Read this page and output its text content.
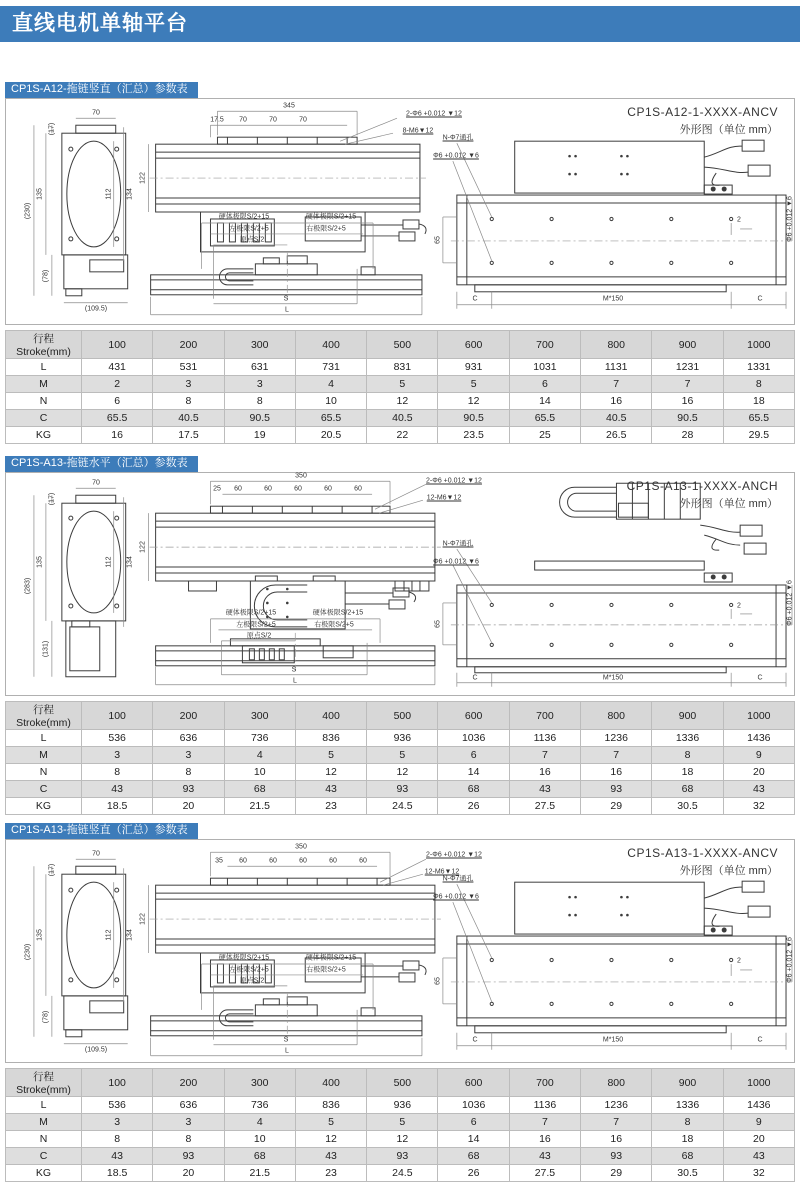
直线电机单轴平台
CP1S-A12-拖链竖直（汇总）参数表
CP1S-A12-1-XXXX-ANCV
外形图（单位 mm）
70
(17)
135
(230)
112 134
(78)
(109.5)
345
17.5 70	70	70
2-Φ6 +0.012 ▼12
8-M6▼12
122
硬体极限S/2+15	硬体极限S/2+15
左极限S/2+5	右极限S/2+5
原点S/2
S
L
N-Φ7通孔
Φ6 +0.012 ▼6
65
2
C	M*150	C
Φ6 +0.012 ▼6
行程Stroke(mm)	100	200	300	400	500	600	700	800	900	1000
L	431	531	631	731	831	931	1031	1131	1231	1331
M	2	3	3	4	5	5	6	7	7	8
N	6	8	8	10	12	12	14	16	16	18
C	65.5	40.5	90.5	65.5	40.5	90.5	65.5	40.5	90.5	65.5
KG	16	17.5	19	20.5	22	23.5	25	26.5	28	29.5
CP1S-A13-拖链水平（汇总）参数表
CP1S-A13-1-XXXX-ANCH
外形图（单位 mm）
70
(17)
135
(283)
112 134
(131)
350
25 60	60	60	60	60
2-Φ6 +0.012 ▼12
12-M6▼12
122
硬体极限S/2+15	硬体极限S/2+15
左极限S/2+5	右极限S/2+5
原点S/2
S
L
N-Φ7通孔
Φ6 +0.012 ▼6
65
2
C	M*150	C
Φ6 +0.012 ▼6
行程Stroke(mm)	100	200	300	400	500	600	700	800	900	1000
L	536	636	736	836	936	1036	1136	1236	1336	1436
M	3	3	4	5	5	6	7	7	8	9
N	8	8	10	12	12	14	16	16	18	20
C	43	93	68	43	93	68	43	93	68	43
KG	18.5	20	21.5	23	24.5	26	27.5	29	30.5	32
CP1S-A13-拖链竖直（汇总）参数表
CP1S-A13-1-XXXX-ANCV
外形图（单位 mm）
70
(17)
135
(230)
112 134
(78)
(109.5)
350
35 60	60	60	60	60
2-Φ6 +0.012 ▼12
12-M6▼12
122
硬体极限S/2+15	硬体极限S/2+15
左极限S/2+5	右极限S/2+5
原点S/2
S
L
N-Φ7通孔
Φ6 +0.012 ▼6
65
2
C	M*150	C
Φ6 +0.012 ▼6
行程Stroke(mm)	100	200	300	400	500	600	700	800	900	1000
L	536	636	736	836	936	1036	1136	1236	1336	1436
M	3	3	4	5	5	6	7	7	8	9
N	8	8	10	12	12	14	16	16	18	20
C	43	93	68	43	93	68	43	93	68	43
KG	18.5	20	21.5	23	24.5	26	27.5	29	30.5	32
